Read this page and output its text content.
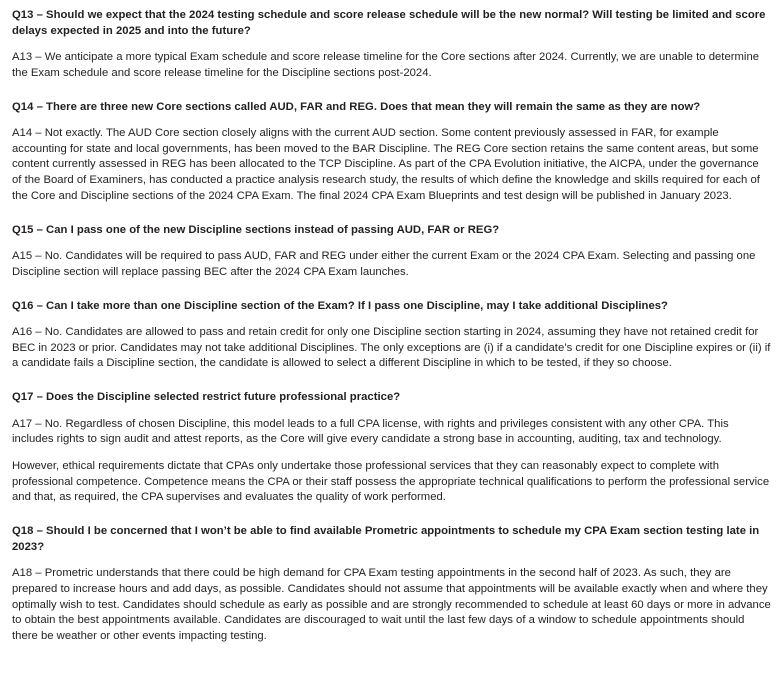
Q13 – Should we expect that the 2024 testing schedule and score release schedule will be the new normal? Will testing be limited and score delays expected in 2025 and into the future?

A13 – We anticipate a more typical Exam schedule and score release timeline for the Core sections after 2024. Currently, we are unable to determine the Exam schedule and score release timeline for the Discipline sections post-2024.

Q14 – There are three new Core sections called AUD, FAR and REG. Does that mean they will remain the same as they are now?

A14 – Not exactly. The AUD Core section closely aligns with the current AUD section. Some content previously assessed in FAR, for example accounting for state and local governments, has been moved to the BAR Discipline. The REG Core section retains the same content areas, but some content currently assessed in REG has been allocated to the TCP Discipline. As part of the CPA Evolution initiative, the AICPA, under the governance of the Board of Examiners, has conducted a practice analysis research study, the results of which define the knowledge and skills required for each of the Core and Discipline sections of the 2024 CPA Exam. The final 2024 CPA Exam Blueprints and test design will be published in January 2023.

Q15 – Can I pass one of the new Discipline sections instead of passing AUD, FAR or REG?

A15 – No. Candidates will be required to pass AUD, FAR and REG under either the current Exam or the 2024 CPA Exam. Selecting and passing one Discipline section will replace passing BEC after the 2024 CPA Exam launches.

Q16 – Can I take more than one Discipline section of the Exam? If I pass one Discipline, may I take additional Disciplines?

A16 – No. Candidates are allowed to pass and retain credit for only one Discipline section starting in 2024, assuming they have not retained credit for BEC in 2023 or prior. Candidates may not take additional Disciplines. The only exceptions are (i) if a candidate’s credit for one Discipline expires or (ii) if a candidate fails a Discipline section, the candidate is allowed to select a different Discipline in which to be tested, if they so choose.

Q17 – Does the Discipline selected restrict future professional practice?

A17 – No. Regardless of chosen Discipline, this model leads to a full CPA license, with rights and privileges consistent with any other CPA. This includes rights to sign audit and attest reports, as the Core will give every candidate a strong base in accounting, auditing, tax and technology.

However, ethical requirements dictate that CPAs only undertake those professional services that they can reasonably expect to complete with professional competence. Competence means the CPA or their staff possess the appropriate technical qualifications to perform the professional service and that, as required, the CPA supervises and evaluates the quality of work performed.

Q18 – Should I be concerned that I won’t be able to find available Prometric appointments to schedule my CPA Exam section testing late in 2023?

A18 – Prometric understands that there could be high demand for CPA Exam testing appointments in the second half of 2023. As such, they are prepared to increase hours and add days, as possible. Candidates should not assume that appointments will be available exactly when and where they optimally wish to test. Candidates should schedule as early as possible and are strongly recommended to schedule at least 60 days or more in advance to obtain the best appointments available. Candidates are discouraged to wait until the last few days of a window to schedule appointments should there be weather or other events impacting testing.
